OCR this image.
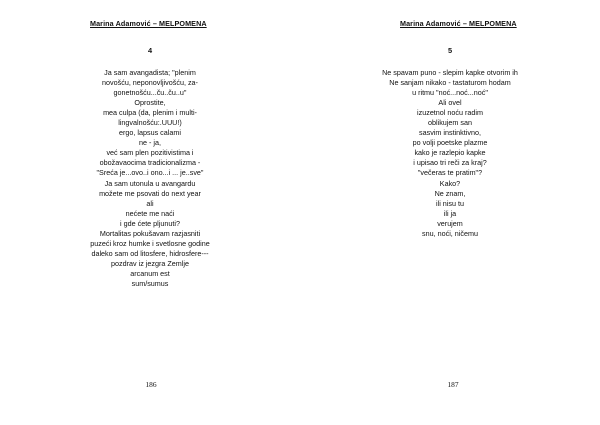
Marina Adamović – MELPOMENA
4
Ja sam avangadista; "plenim
novošću, neponovljivošću, za-
gonetnošću...ču..ču..u"
Oprostite,
mea culpa (da, plenim i multi-
lingvalnošću:.UUU!)
ergo, lapsus calami
ne - ja,
već sam plen pozitivistima i
obožavaocima tradicionalizma -
"Sreća je...ovo..i ono...i ... je..sve"
Ja sam utonula u avangardu
možete me psovati do next year
ali
nećete me naći
i gde ćete pljunuti?
Mortalitas pokušavam razjasniti
puzeći kroz humke i svetlosne godine
daleko sam od litosfere, hidrosfere---
pozdrav iz jezgra Zemlje
arcanum est
sum/sumus
186
Marina Adamović – MELPOMENA
5
Ne spavam puno - slepim kapke otvorim ih
Ne sanjam nikako - tastaturom hodam
u ritmu "noć...noć...noć"
Ali ovel
izuzetnol noću radim
oblikujem san
sasvim instinktivno,
po volji poetske plazme
kako je razlepio kapke
i upisao tri reči za kraj?
"večeras te pratim"?
Kako?
Ne znam,
ili nisu tu
ili ja
verujem
snu, noći, ničemu
187
